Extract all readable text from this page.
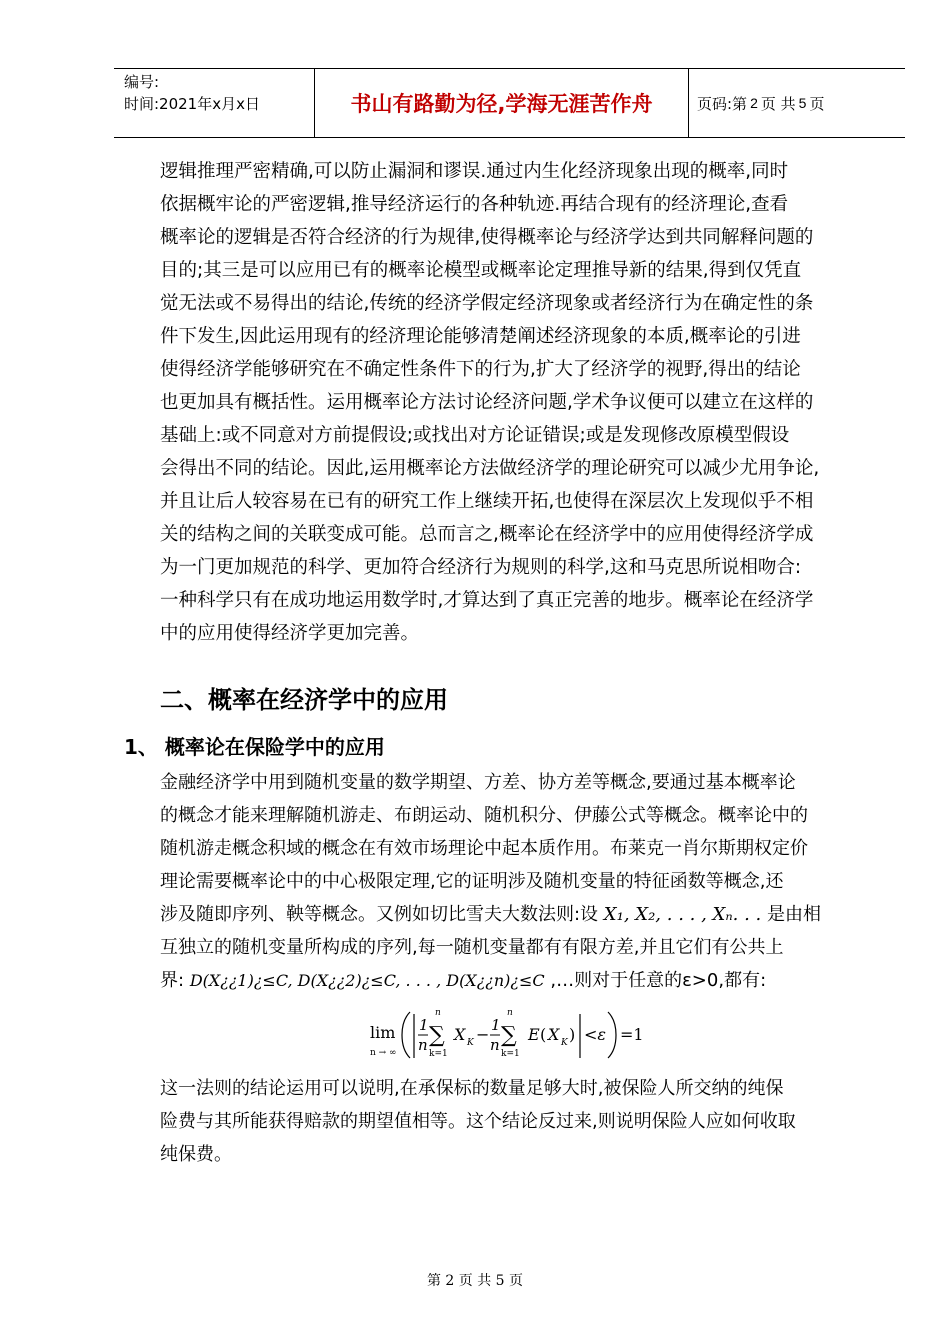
编号:
时间:2021年x月x日	书山有路勤为径,学海无涯苦作舟	页码:第 2 页 共 5 页
逻辑推理严密精确,可以防止漏洞和谬误.通过内生化经济现象出现的概率,同时
依据概牢论的严密逻辑,推导经济运行的各种轨迹.再结合现有的经济理论,查看
概率论的逻辑是否符合经济的行为规律,使得概率论与经济学达到共同解释问题的
目的;其三是可以应用已有的概率论模型或概率论定理推导新的结果,得到仅凭直
觉无法或不易得出的结论,传统的经济学假定经济现象或者经济行为在确定性的条
件下发生,因此运用现有的经济理论能够清楚阐述经济现象的本质,概率论的引进
使得经济学能够研究在不确定性条件下的行为,扩大了经济学的视野,得出的结论
也更加具有概括性。运用概率论方法讨论经济问题,学术争议便可以建立在这样的
基础上:或不同意对方前提假设;或找出对方论证错误;或是发现修改原模型假设
会得出不同的结论。因此,运用概率论方法做经济学的理论研究可以减少尤用争论,
并且让后人较容易在已有的研究工作上继续开拓,也使得在深层次上发现似乎不相
关的结构之间的关联变成可能。总而言之,概率论在经济学中的应用使得经济学成
为一门更加规范的科学、更加符合经济行为规则的科学,这和马克思所说相吻合:
一种科学只有在成功地运用数学时,才算达到了真正完善的地步。概率论在经济学
中的应用使得经济学更加完善。
二、概率在经济学中的应用
1、 概率论在保险学中的应用
金融经济学中用到随机变量的数学期望、方差、协方差等概念,要通过基本概率论
的概念才能来理解随机游走、布朗运动、随机积分、伊藤公式等概念。概率论中的
随机游走概念积域的概念在有效市场理论中起本质作用。布莱克一肖尔斯期权定价
理论需要概率论中的中心极限定理,它的证明涉及随机变量的特征函数等概念,还
涉及随即序列、鞅等概念。又例如切比雪夫大数法则:设 X₁, X₂, . . . , Xₙ. . . 是由相
互独立的随机变量所构成的序列,每一随机变量都有有限方差,并且它们有公共上
界: D(X¿¿1)¿≤C, D(X¿¿2)¿≤C, . . . , D(X¿¿n)¿≤C ,…则对于任意的ε>0,都有:
lim
n → ∞
1
n
n
∑
k=1
X K − 1
n
n
∑
k=1
E ( X K ) <ε =1
这一法则的结论运用可以说明,在承保标的数量足够大时,被保险人所交纳的纯保
险费与其所能获得赔款的期望值相等。这个结论反过来,则说明保险人应如何收取
纯保费。
第 2 页 共 5 页
